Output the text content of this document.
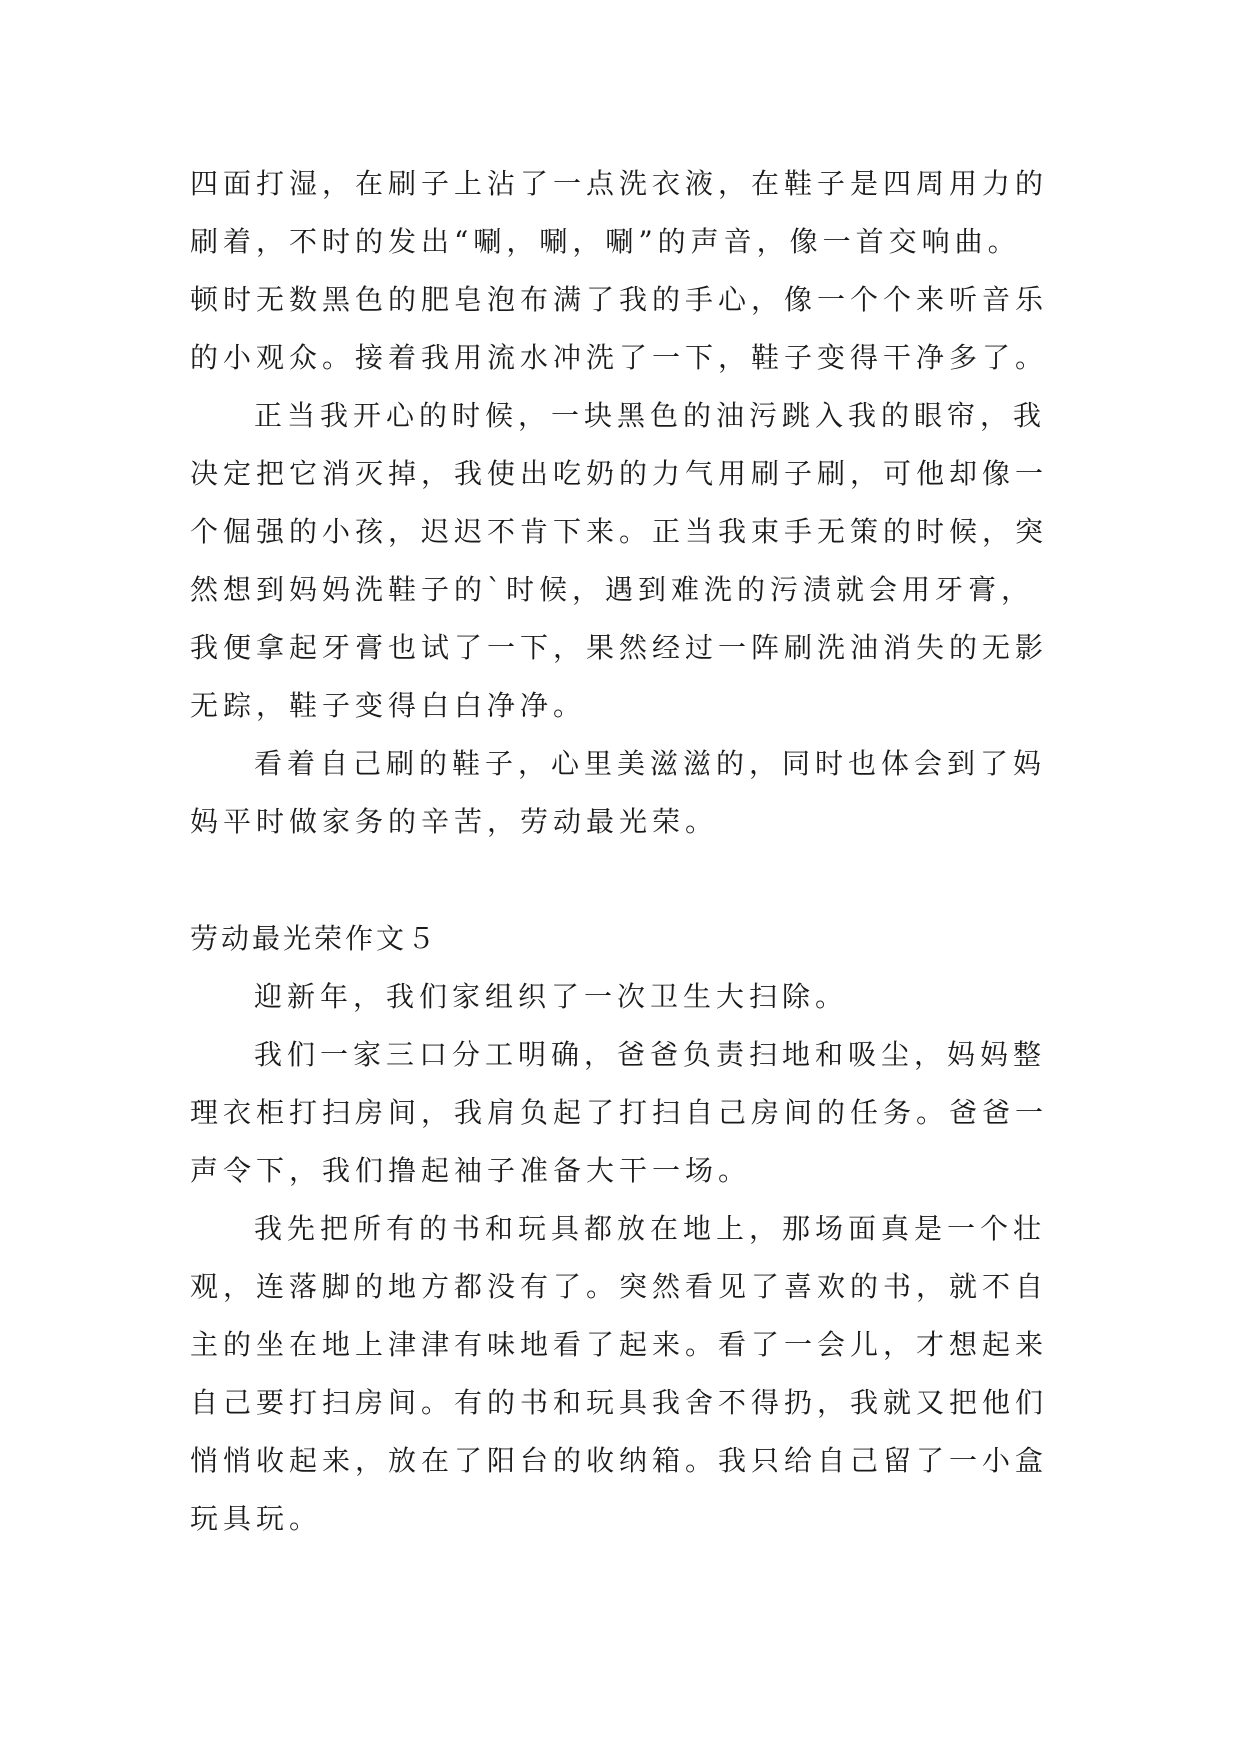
四面打湿，在刷子上沾了一点洗衣液，在鞋子是四周用力的
刷着，不时的发出“唰，唰，唰”的声音，像一首交响曲。
顿时无数黑色的肥皂泡布满了我的手心，像一个个来听音乐
的小观众。接着我用流水冲洗了一下，鞋子变得干净多了。
正当我开心的时候，一块黑色的油污跳入我的眼帘，我
决定把它消灭掉，我使出吃奶的力气用刷子刷，可他却像一
个倔强的小孩，迟迟不肯下来。正当我束手无策的时候，突
然想到妈妈洗鞋子的`时候，遇到难洗的污渍就会用牙膏，
我便拿起牙膏也试了一下，果然经过一阵刷洗油消失的无影
无踪，鞋子变得白白净净。
看着自己刷的鞋子，心里美滋滋的，同时也体会到了妈
妈平时做家务的辛苦，劳动最光荣。
劳动最光荣作文５
迎新年，我们家组织了一次卫生大扫除。
我们一家三口分工明确，爸爸负责扫地和吸尘，妈妈整
理衣柜打扫房间，我肩负起了打扫自己房间的任务。爸爸一
声令下，我们撸起袖子准备大干一场。
我先把所有的书和玩具都放在地上，那场面真是一个壮
观，连落脚的地方都没有了。突然看见了喜欢的书，就不自
主的坐在地上津津有味地看了起来。看了一会儿，才想起来
自己要打扫房间。有的书和玩具我舍不得扔，我就又把他们
悄悄收起来，放在了阳台的收纳箱。我只给自己留了一小盒
玩具玩。
